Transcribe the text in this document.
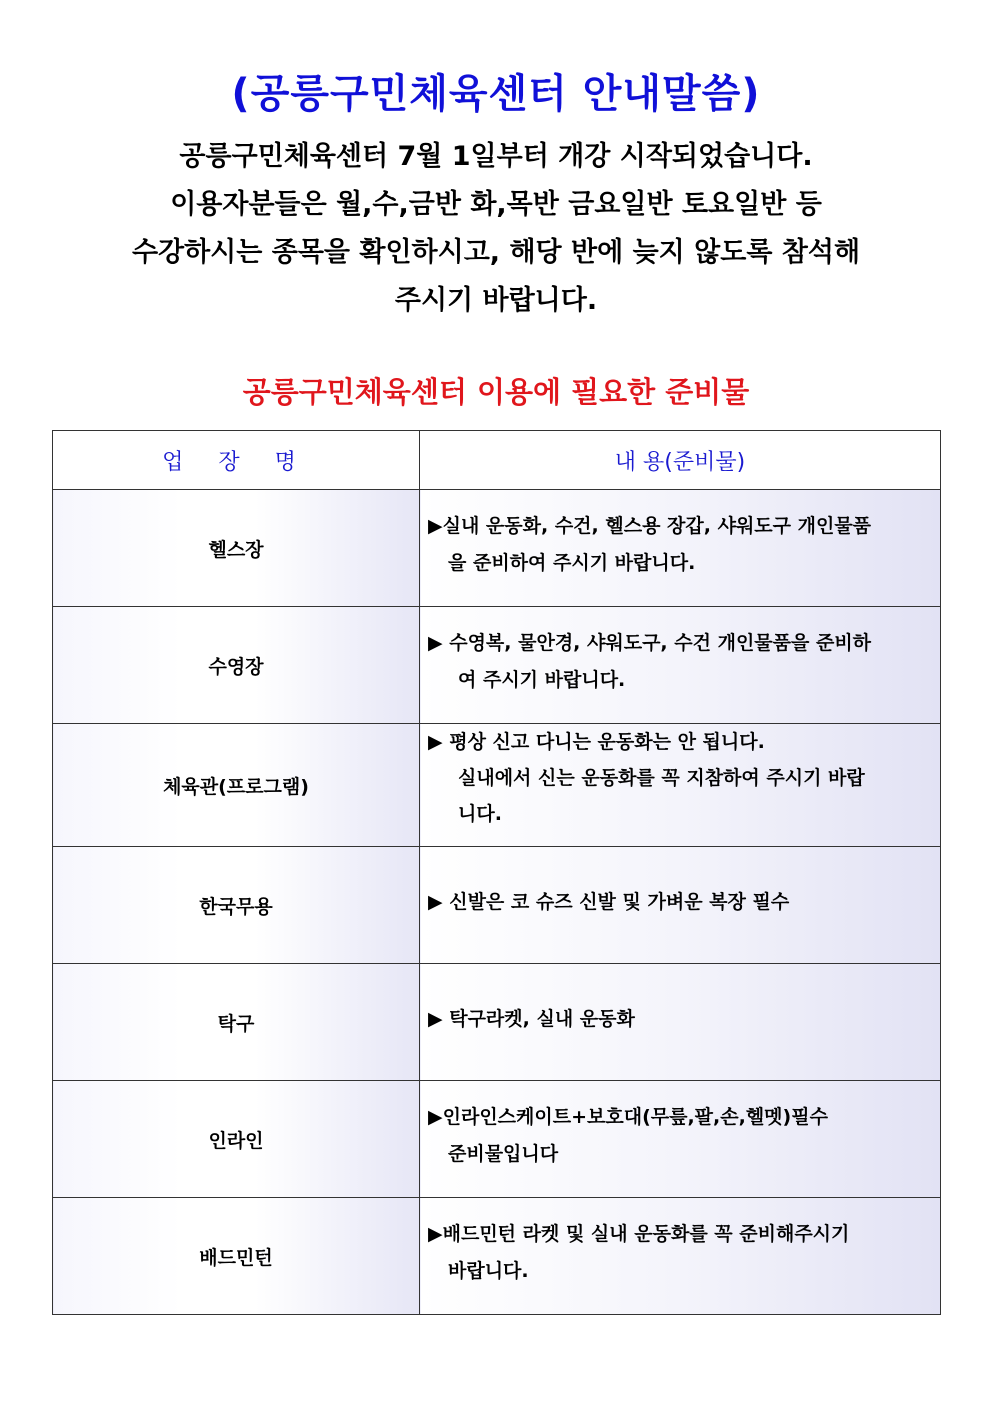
(공릉구민체육센터 안내말씀)
공릉구민체육센터 7월 1일부터 개강 시작되었습니다.
이용자분들은 월,수,금반 화,목반 금요일반 토요일반 등
수강하시는 종목을 확인하시고, 해당 반에 늦지 않도록 참석해
주시기 바랍니다.
공릉구민체육센터 이용에 필요한 준비물
업 장 명	내 용(준비물)
헬스장	▶실내 운동화, 수건, 헬스용 장갑, 샤워도구 개인물품
을 준비하여 주시기 바랍니다.

수영장	▶ 수영복, 물안경, 샤워도구, 수건 개인물품을 준비하
여 주시기 바랍니다.

체육관(프로그램)	▶ 평상 신고 다니는 운동화는 안 됩니다.
실내에서 신는 운동화를 꼭 지참하여 주시기 바랍
니다.

한국무용	▶ 신발은 코 슈즈 신발 및 가벼운 복장 필수

탁구	▶ 탁구라켓, 실내 운동화

인라인	▶인라인스케이트+보호대(무릎,팔,손,헬멧)필수
준비물입니다

배드민턴	▶배드민턴 라켓 및 실내 운동화를 꼭 준비해주시기
바랍니다.
